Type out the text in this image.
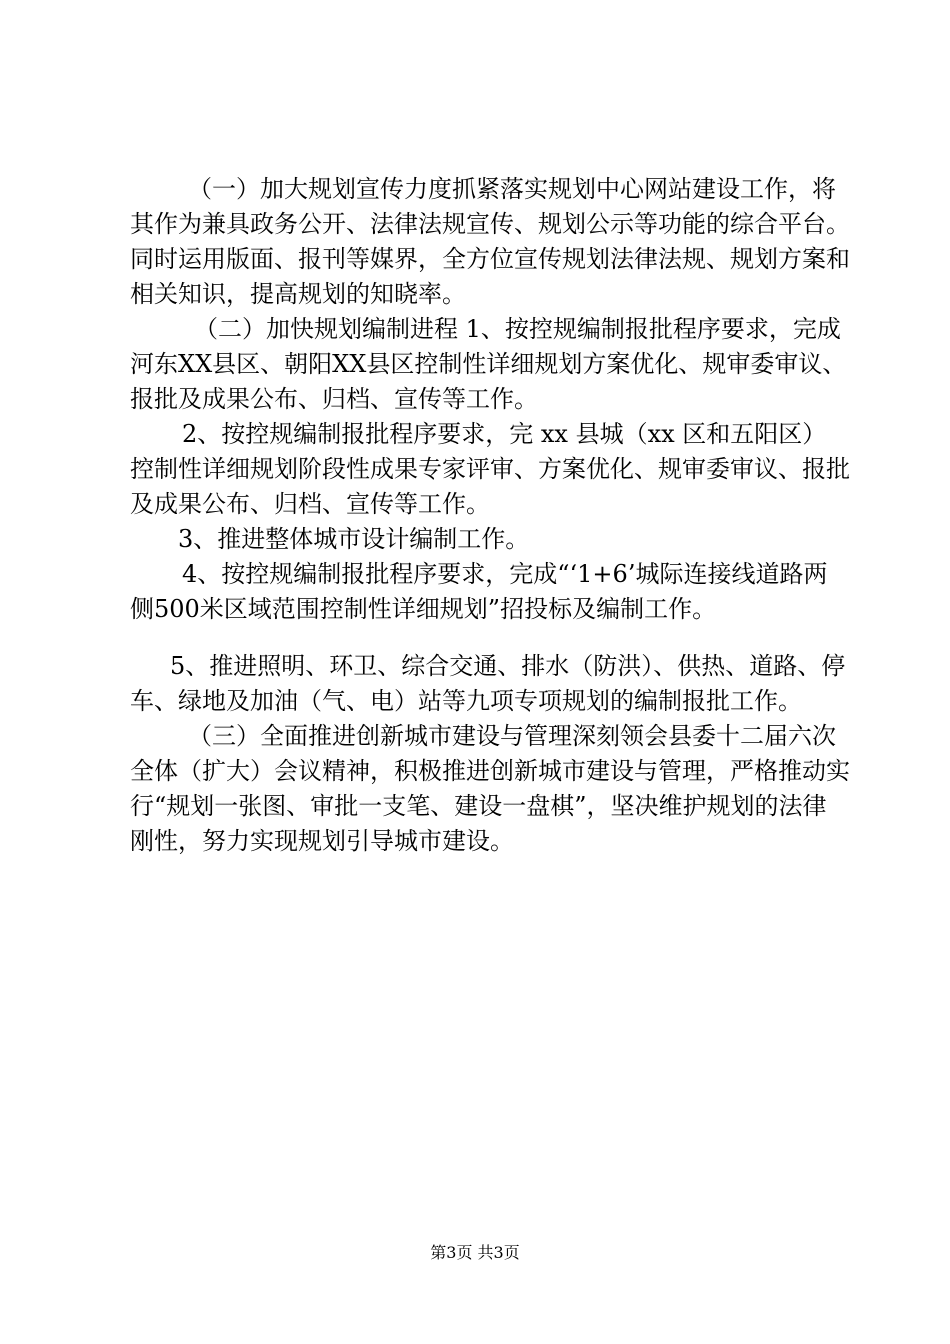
（一）加大规划宣传力度抓紧落实规划中心网站建设工作，将其作为兼具政务公开、法律法规宣传、规划公示等功能的综合平台。同时运用版面、报刊等媒界，全方位宣传规划法律法规、规划方案和相关知识，提高规划的知晓率。

（二）加快规划编制进程 1、按控规编制报批程序要求，完成河东XX县区、朝阳XX县区控制性详细规划方案优化、规审委审议、报批及成果公布、归档、宣传等工作。

2、按控规编制报批程序要求，完 xx 县城（xx 区和五阳区）控制性详细规划阶段性成果专家评审、方案优化、规审委审议、报批及成果公布、归档、宣传等工作。

3、推进整体城市设计编制工作。

4、按控规编制报批程序要求，完成“‘1+6’城际连接线道路两侧500米区域范围控制性详细规划”招投标及编制工作。

5、推进照明、环卫、综合交通、排水（防洪）、供热、道路、停车、绿地及加油（气、电）站等九项专项规划的编制报批工作。

（三）全面推进创新城市建设与管理深刻领会县委十二届六次全体（扩大）会议精神，积极推进创新城市建设与管理，严格推动实行“规划一张图、审批一支笔、建设一盘棋”，坚决维护规划的法律刚性，努力实现规划引导城市建设。

第3页 共3页
